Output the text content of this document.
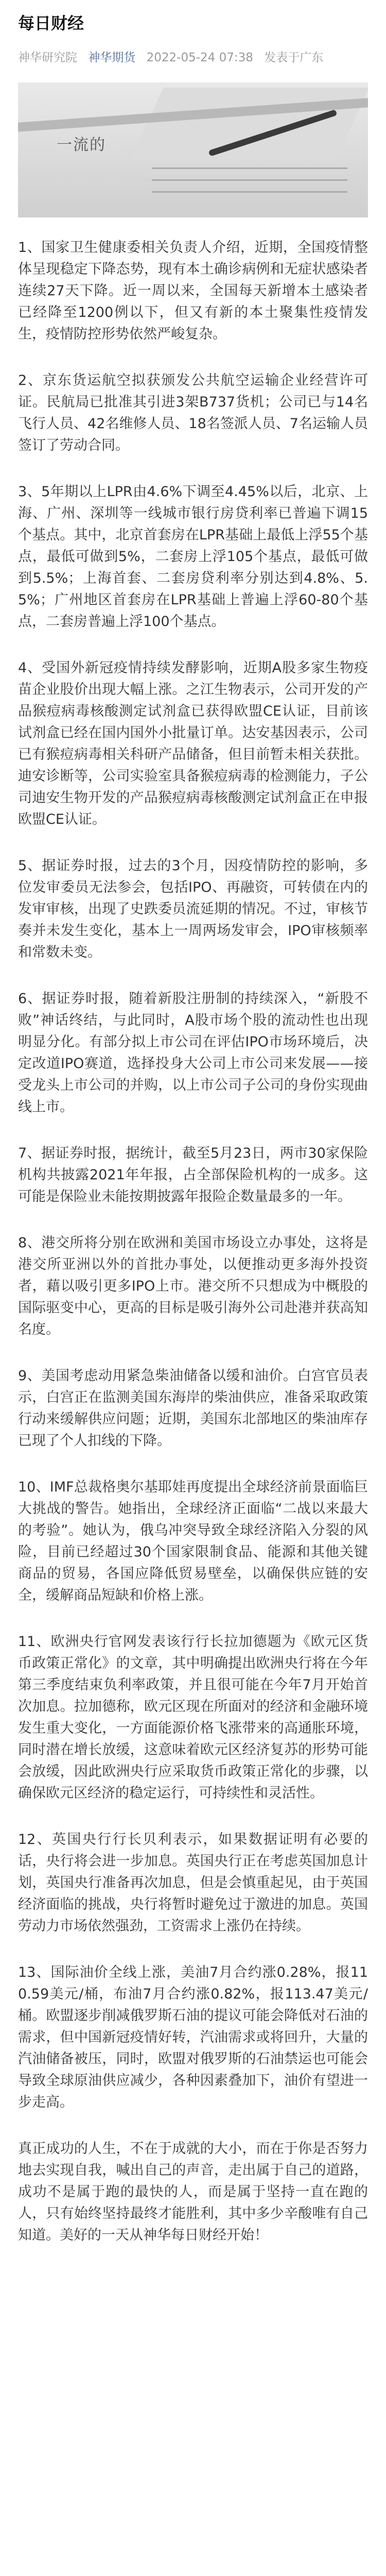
每日财经
神华研究院 神华期货 2022-05-24 07:38 发表于广东
一流的

1、国家卫生健康委相关负责人介绍，近期，全国疫情整体呈现稳定下降态势，现有本土确诊病例和无症状感染者连续27天下降。近一周以来，全国每天新增本土感染者已经降至1200例以下，但又有新的本土聚集性疫情发生，疫情防控形势依然严峻复杂。

2、京东货运航空拟获颁发公共航空运输企业经营许可证。民航局已批准其引进3架B737货机；公司已与14名飞行人员、42名维修人员、18名签派人员、7名运输人员签订了劳动合同。

3、5年期以上LPR由4.6%下调至4.45%以后，北京、上海、广州、深圳等一线城市银行房贷利率已普遍下调15个基点。其中，北京首套房在LPR基础上最低上浮55个基点，最低可做到5%，二套房上浮105个基点，最低可做到5.5%；上海首套、二套房贷利率分别达到4.8%、5.5%；广州地区首套房在LPR基础上普遍上浮60-80个基点，二套房普遍上浮100个基点。

4、受国外新冠疫情持续发酵影响，近期A股多家生物疫苗企业股价出现大幅上涨。之江生物表示，公司开发的产品猴痘病毒核酸测定试剂盒已获得欧盟CE认证，目前该试剂盒已经在国内国外小批量订单。达安基因表示，公司已有猴痘病毒相关科研产品储备，但目前暂未相关获批。迪安诊断等，公司实验室具备猴痘病毒的检测能力，子公司迪安生物开发的产品猴痘病毒核酸测定试剂盒正在申报欧盟CE认证。

5、据证券时报，过去的3个月，因疫情防控的影响，多位发审委员无法参会，包括IPO、再融资，可转债在内的发审审核，出现了史跌委员流延期的情况。不过，审核节奏并未发生变化，基本上一周两场发审会，IPO审核频率和常数未变。

6、据证券时报，随着新股注册制的持续深入，“新股不败”神话终结，与此同时，A股市场个股的流动性也出现明显分化。有部分拟上市公司在评估IPO市场环境后，决定改道IPO赛道，选择投身大公司上市公司来发展——接受龙头上市公司的并购，以上市公司子公司的身份实现曲线上市。

7、据证券时报，据统计，截至5月23日，两市30家保险机构共披露2021年年报，占全部保险机构的一成多。这可能是保险业未能按期披露年报险企数量最多的一年。

8、港交所将分别在欧洲和美国市场设立办事处，这将是港交所亚洲以外的首批办事处，以便推动更多海外投资者，藉以吸引更多IPO上市。港交所不只想成为中概股的国际驱变中心，更高的目标是吸引海外公司赴港并获高知名度。

9、美国考虑动用紧急柴油储备以缓和油价。白宫官员表示，白宫正在监测美国东海岸的柴油供应，准备采取政策行动来缓解供应问题；近期，美国东北部地区的柴油库存已现了个人扣线的下降。

10、IMF总裁格奥尔基耶娃再度提出全球经济前景面临巨大挑战的警告。她指出，全球经济正面临“二战以来最大的考验”。她认为，俄乌冲突导致全球经济陷入分裂的风险，目前已经超过30个国家限制食品、能源和其他关键商品的贸易，各国应降低贸易壁垒，以确保供应链的安全，缓解商品短缺和价格上涨。

11、欧洲央行官网发表该行行长拉加德题为《欧元区货币政策正常化》的文章，其中明确提出欧洲央行将在今年第三季度结束负利率政策，并且很可能在今年7月开始首次加息。拉加德称，欧元区现在所面对的经济和金融环境发生重大变化，一方面能源价格飞涨带来的高通胀环境，同时潜在增长放缓，这意味着欧元区经济复苏的形势可能会放缓，因此欧洲央行应采取货币政策正常化的步骤，以确保欧元区经济的稳定运行，可持续性和灵活性。

12、英国央行行长贝利表示，如果数据证明有必要的话，央行将会进一步加息。英国央行正在考虑英国加息计划，英国央行准备再次加息，但是会慎重起见，由于英国经济面临的挑战，央行将暂时避免过于激进的加息。英国劳动力市场依然强劲，工资需求上涨仍在持续。

13、国际油价全线上涨，美油7月合约涨0.28%，报110.59美元/桶，布油7月合约涨0.82%，报113.47美元/桶。欧盟逐步削减俄罗斯石油的提议可能会降低对石油的需求，但中国新冠疫情好转，汽油需求或将回升，大量的汽油储备被压，同时，欧盟对俄罗斯的石油禁运也可能会导致全球原油供应减少，各种因素叠加下，油价有望进一步走高。

真正成功的人生，不在于成就的大小，而在于你是否努力地去实现自我，喊出自己的声音，走出属于自己的道路，成功不是属于跑的最快的人，而是属于坚持一直在跑的人，只有始终坚持最终才能胜利，其中多少辛酸唯有自己知道。美好的一天从神华每日财经开始！
